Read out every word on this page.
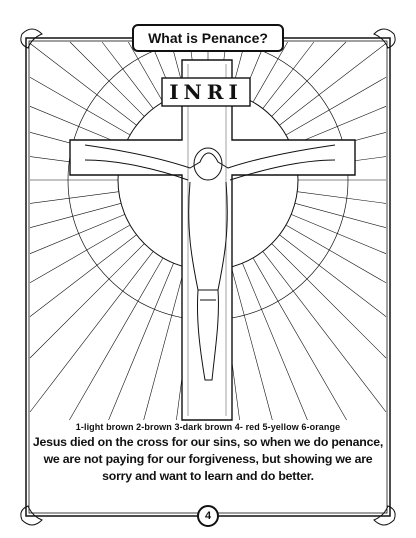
What is Penance?
INRI
1-light brown 2-brown 3-dark brown 4- red 5-yellow 6-orange
Jesus died on the cross for our sins, so when we do penance, we are not paying for our forgiveness, but showing we are sorry and want to learn and do better.
4
